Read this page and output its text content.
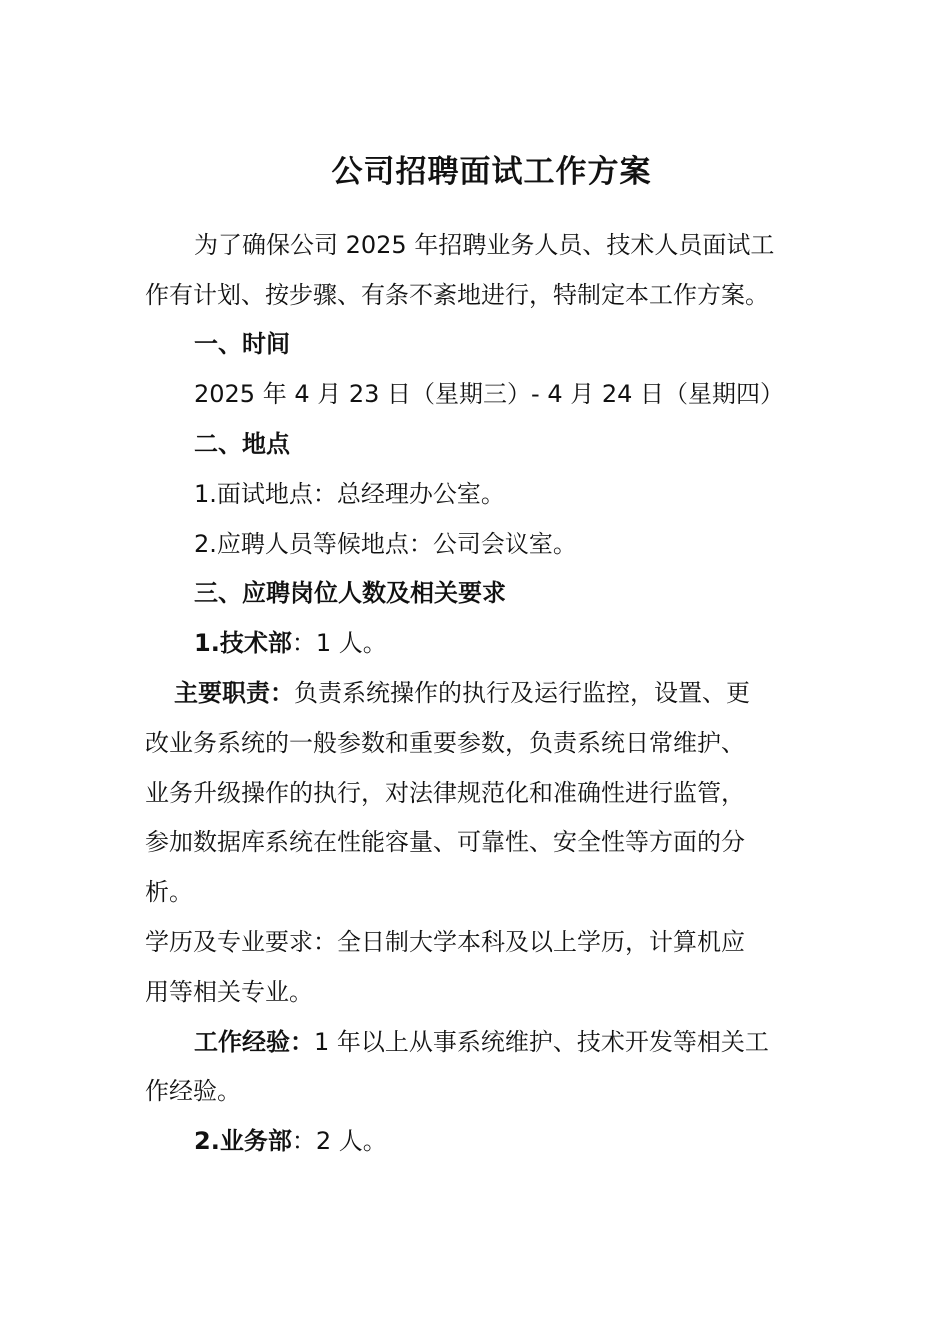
公司招聘面试工作方案
为了确保公司 2025 年招聘业务人员、技术人员面试工
作有计划、按步骤、有条不紊地进行，特制定本工作方案。
一、时间
2025 年 4 月 23 日（星期三）- 4 月 24 日（星期四）
二、地点
1.面试地点：总经理办公室。
2.应聘人员等候地点：公司会议室。
三、应聘岗位人数及相关要求
1.技术部：1 人。
主要职责：负责系统操作的执行及运行监控，设置、更
改业务系统的一般参数和重要参数，负责系统日常维护、
业务升级操作的执行，对法律规范化和准确性进行监管，
参加数据库系统在性能容量、可靠性、安全性等方面的分
析。
学历及专业要求：全日制大学本科及以上学历，计算机应
用等相关专业。
工作经验：1 年以上从事系统维护、技术开发等相关工
作经验。
2.业务部：2 人。
